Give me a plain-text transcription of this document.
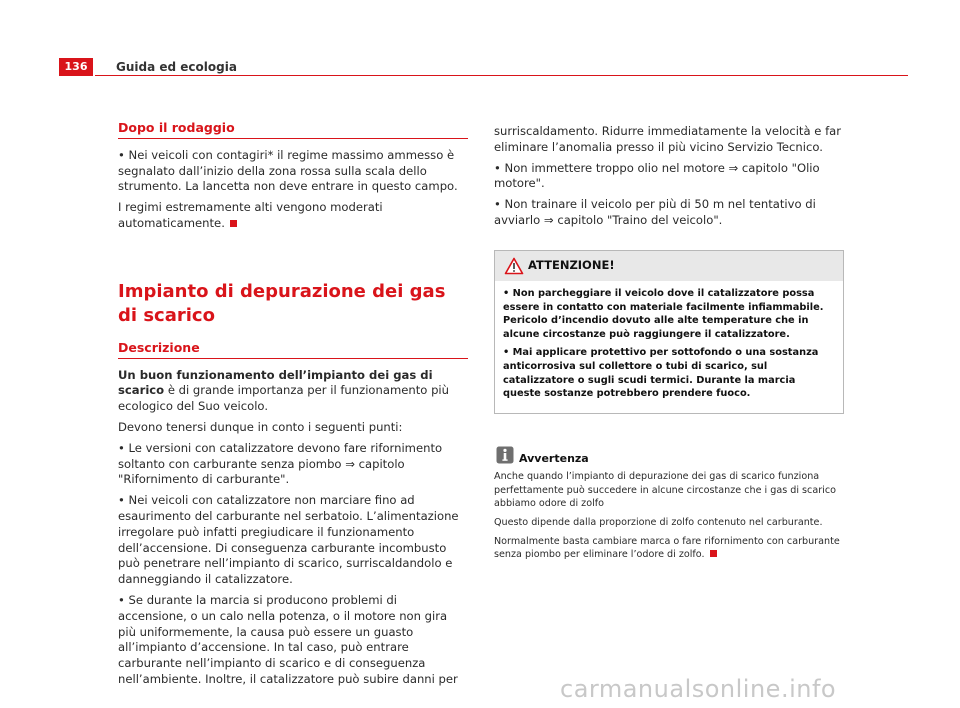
136	Guida ed ecologia
Dopo il rodaggio

• Nei veicoli con contagiri* il regime massimo ammesso è segnalato dall’inizio della zona rossa sulla scala dello strumento. La lancetta non deve entrare in questo campo.

I regimi estremamente alti vengono moderati automaticamente.

Impianto di depurazione dei gas di scarico
Descrizione

Un buon funzionamento dell’impianto dei gas di scarico è di grande importanza per il funzionamento più ecologico del Suo veicolo.

Devono tenersi dunque in conto i seguenti punti:

• Le versioni con catalizzatore devono fare rifornimento soltanto con carburante senza piombo ⇒ capitolo "Rifornimento di carburante".

• Nei veicoli con catalizzatore non marciare fino ad esaurimento del carburante nel serbatoio. L’alimentazione irregolare può infatti pregiudicare il funzionamento dell’accensione. Di conseguenza carburante incombusto può penetrare nell’impianto di scarico, surriscaldandolo e danneggiando il catalizzatore.

• Se durante la marcia si producono problemi di accensione, o un calo nella potenza, o il motore non gira più uniformemente, la causa può essere un guasto all’impianto d’accensione. In tal caso, può entrare carburante nell’impianto di scarico e di conseguenza nell’ambiente. Inoltre, il catalizzatore può subire danni per

surriscaldamento. Ridurre immediatamente la velocità e far eliminare l’anomalia presso il più vicino Servizio Tecnico.

• Non immettere troppo olio nel motore ⇒ capitolo "Olio motore".

• Non trainare il veicolo per più di 50 m nel tentativo di avviarlo ⇒ capitolo "Traino del veicolo".

ATTENZIONE!

• Non parcheggiare il veicolo dove il catalizzatore possa essere in contatto con materiale facilmente infiammabile. Pericolo d’incendio dovuto alle alte temperature che in alcune circostanze può raggiungere il catalizzatore.

• Mai applicare protettivo per sottofondo o una sostanza anticorrosiva sul collettore o tubi di scarico, sul catalizzatore o sugli scudi termici. Durante la marcia queste sostanze potrebbero prendere fuoco.

Avvertenza

Anche quando l’impianto di depurazione dei gas di scarico funziona perfettamente può succedere in alcune circostanze che i gas di scarico abbiamo odore di zolfo

Questo dipende dalla proporzione di zolfo contenuto nel carburante.

Normalmente basta cambiare marca o fare rifornimento con carburante senza piombo per eliminare l’odore di zolfo.

carmanualsonline.info
